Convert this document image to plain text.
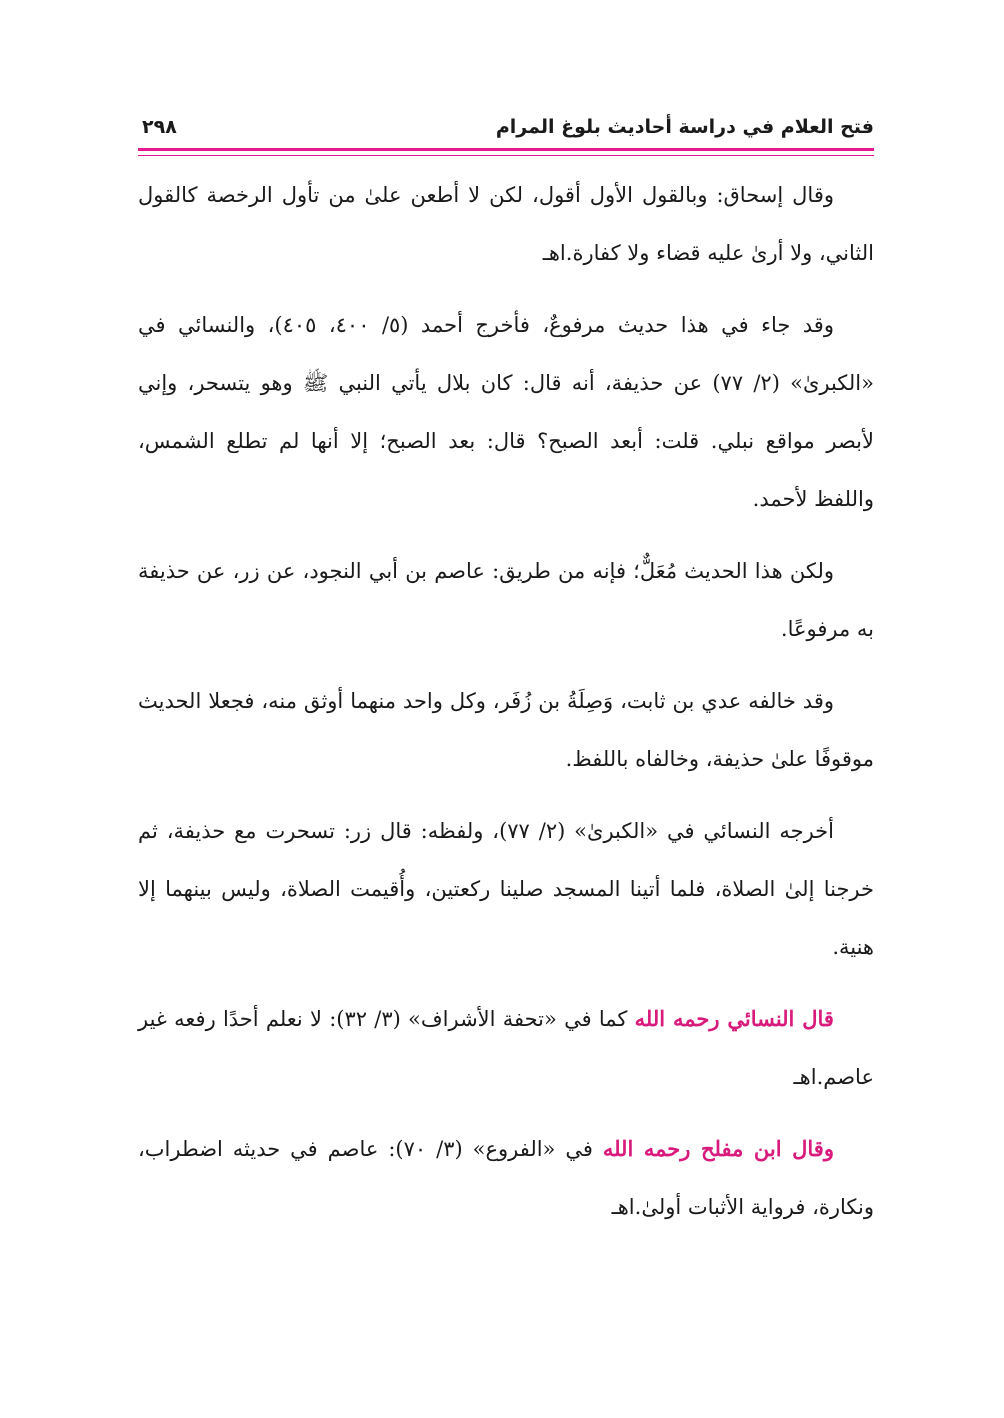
فتح العلام في دراسة أحاديث بلوغ المرام
٢٩٨

وقال إسحاق: وبالقول الأول أقول، لكن لا أطعن علىٰ من تأول الرخصة كالقول الثاني، ولا أرىٰ عليه قضاء ولا كفارة.اهـ

وقد جاء في هذا حديث مرفوعٌ، فأخرج أحمد (٥/ ٤٠٠، ٤٠٥)، والنسائي في «الكبرىٰ» (٢/ ٧٧) عن حذيفة، أنه قال: كان بلال يأتي النبي ﷺ وهو يتسحر، وإني لأبصر مواقع نبلي. قلت: أبعد الصبح؟ قال: بعد الصبح؛ إلا أنها لم تطلع الشمس، واللفظ لأحمد.

ولكن هذا الحديث مُعَلٌّ؛ فإنه من طريق: عاصم بن أبي النجود، عن زر، عن حذيفة به مرفوعًا.

وقد خالفه عدي بن ثابت، وَصِلَةُ بن زُفَر، وكل واحد منهما أوثق منه، فجعلا الحديث موقوفًا علىٰ حذيفة، وخالفاه باللفظ.

أخرجه النسائي في «الكبرىٰ» (٢/ ٧٧)، ولفظه: قال زر: تسحرت مع حذيفة، ثم خرجنا إلىٰ الصلاة، فلما أتينا المسجد صلينا ركعتين، وأُقيمت الصلاة، وليس بينهما إلا هنية.

قال النسائي رحمه الله كما في «تحفة الأشراف» (٣/ ٣٢): لا نعلم أحدًا رفعه غير عاصم.اهـ

وقال ابن مفلح رحمه الله في «الفروع» (٣/ ٧٠): عاصم في حديثه اضطراب، ونكارة، فرواية الأثبات أولىٰ.اهـ
